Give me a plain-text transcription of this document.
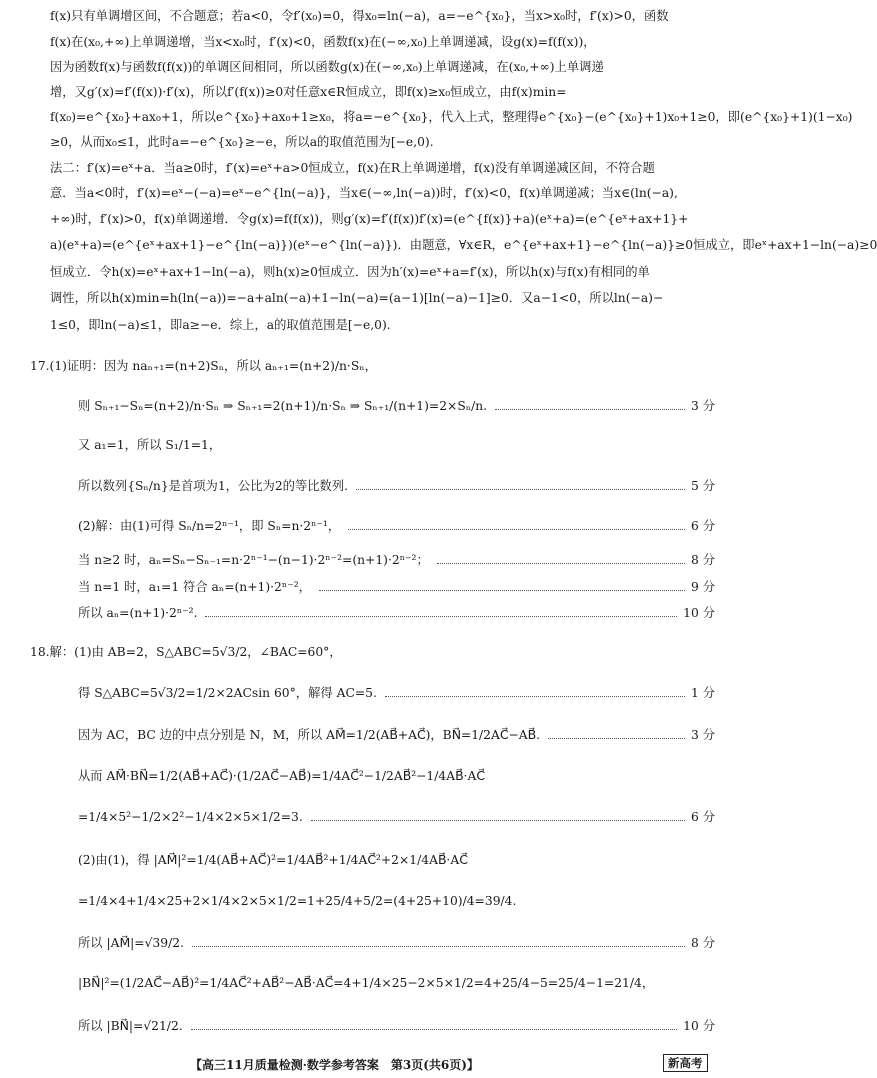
f(x)只有单调增区间，不合题意；若a<0，令f′(x₀)=0，得x₀=ln(−a)，a=−e^{x₀}，当x>x₀时，f′(x)>0，函数
f(x)在(x₀,+∞)上单调递增，当x<x₀时，f′(x)<0，函数f(x)在(−∞,x₀)上单调递减，设g(x)=f(f(x))，
因为函数f(x)与函数f(f(x))的单调区间相同，所以函数g(x)在(−∞,x₀)上单调递减，在(x₀,+∞)上单调递
增，又g′(x)=f′(f(x))·f′(x)，所以f′(f(x))≥0对任意x∈R恒成立，即f(x)≥x₀恒成立，由f(x)min=
f(x₀)=e^{x₀}+ax₀+1，所以e^{x₀}+ax₀+1≥x₀，将a=−e^{x₀}，代入上式，整理得e^{x₀}−(e^{x₀}+1)x₀+1≥0，即(e^{x₀}+1)(1−x₀)
≥0，从而x₀≤1，此时a=−e^{x₀}≥−e，所以a的取值范围为[−e,0).
法二：f′(x)=eˣ+a．当a≥0时，f′(x)=eˣ+a>0恒成立，f(x)在R上单调递增，f(x)没有单调递减区间，不符合题
意．当a<0时，f′(x)=eˣ−(−a)=eˣ−e^{ln(−a)}，当x∈(−∞,ln(−a))时，f′(x)<0，f(x)单调递减；当x∈(ln(−a),
+∞)时，f′(x)>0，f(x)单调递增．令g(x)=f(f(x))，则g′(x)=f′(f(x))f′(x)=(e^{f(x)}+a)(eˣ+a)=(e^{eˣ+ax+1}+
a)(eˣ+a)=(e^{eˣ+ax+1}−e^{ln(−a)})(eˣ−e^{ln(−a)})．由题意，∀x∈R，e^{eˣ+ax+1}−e^{ln(−a)}≥0恒成立，即eˣ+ax+1−ln(−a)≥0
恒成立．令h(x)=eˣ+ax+1−ln(−a)，则h(x)≥0恒成立．因为h′(x)=eˣ+a=f′(x)，所以h(x)与f(x)有相同的单
调性，所以h(x)min=h(ln(−a))=−a+aln(−a)+1−ln(−a)=(a−1)[ln(−a)−1]≥0．又a−1<0，所以ln(−a)−
1≤0，即ln(−a)≤1，即a≥−e．综上，a的取值范围是[−e,0).
17.(1)证明：因为 naₙ₊₁=(n+2)Sₙ，所以 aₙ₊₁=(n+2)/n·Sₙ，
则 Sₙ₊₁−Sₙ=(n+2)/n·Sₙ ⇒ Sₙ₊₁=2(n+1)/n·Sₙ ⇒ Sₙ₊₁/(n+1)=2×Sₙ/n.	3 分
又 a₁=1，所以 S₁/1=1，
所以数列{Sₙ/n}是首项为1，公比为2的等比数列.	5 分
(2)解：由(1)可得 Sₙ/n=2ⁿ⁻¹，即 Sₙ=n·2ⁿ⁻¹，	6 分
当 n≥2 时，aₙ=Sₙ−Sₙ₋₁=n·2ⁿ⁻¹−(n−1)·2ⁿ⁻²=(n+1)·2ⁿ⁻²；	8 分
当 n=1 时，a₁=1 符合 aₙ=(n+1)·2ⁿ⁻²，	9 分
所以 aₙ=(n+1)·2ⁿ⁻².	10 分
18.解：(1)由 AB=2，S△ABC=5√3/2，∠BAC=60°，
得 S△ABC=5√3/2=1/2×2ACsin 60°，解得 AC=5.	1 分
因为 AC，BC 边的中点分别是 N，M，所以 AM⃗=1/2(AB⃗+AC⃗)，BN⃗=1/2AC⃗−AB⃗.	3 分
从而 AM⃗·BN⃗=1/2(AB⃗+AC⃗)·(1/2AC⃗−AB⃗)=1/4AC⃗²−1/2AB⃗²−1/4AB⃗·AC⃗
=1/4×5²−1/2×2²−1/4×2×5×1/2=3.	6 分
(2)由(1)，得 |AM⃗|²=1/4(AB⃗+AC⃗)²=1/4AB⃗²+1/4AC⃗²+2×1/4AB⃗·AC⃗
=1/4×4+1/4×25+2×1/4×2×5×1/2=1+25/4+5/2=(4+25+10)/4=39/4.
所以 |AM⃗|=√39/2.	8 分
|BN⃗|²=(1/2AC⃗−AB⃗)²=1/4AC⃗²+AB⃗²−AB⃗·AC⃗=4+1/4×25−2×5×1/2=4+25/4−5=25/4−1=21/4，
所以 |BN⃗|=√21/2.	10 分
【高三11月质量检测·数学参考答案　第3页(共6页)】	新高考
